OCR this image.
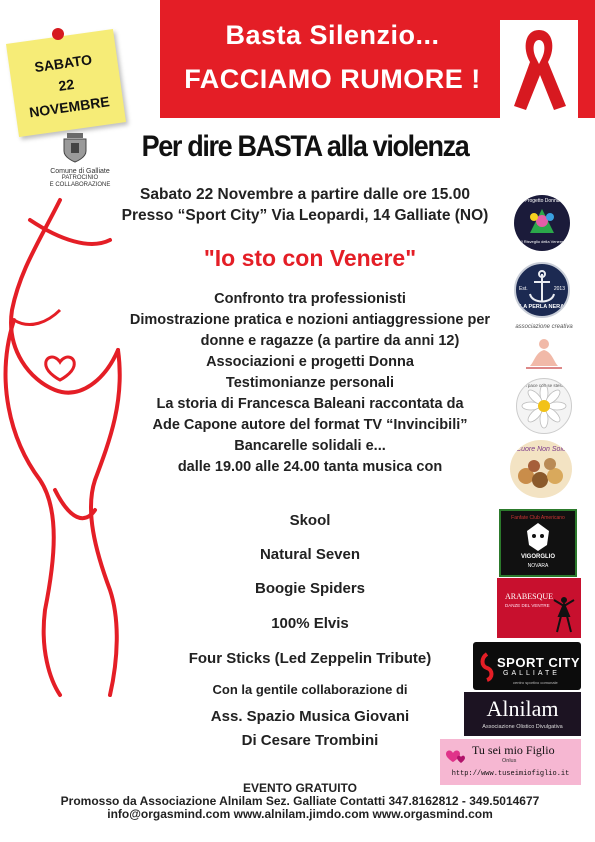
Basta Silenzio...
FACCIAMO RUMORE !
SABATO
22
NOVEMBRE
Comune di Galliate
PATROCINIO
E COLLABORAZIONE
Per dire BASTA alla violenza
Sabato 22 Novembre a partire dalle ore 15.00
Presso “Sport City” Via Leopardi, 14 Galliate (NO)
"Io sto con Venere"
Confronto tra professionisti
Dimostrazione pratica e nozioni antiaggressione per
donne e ragazze (a partire da anni 12)
Associazioni e progetti Donna
Testimonianze personali
La storia di Francesca Baleani raccontata da
Ade Capone autore del format TV “Invincibili”
Bancarelle solidali e...
dalle 19.00 alle 24.00 tanta musica con
Skool
Natural Seven
Boogie Spiders
100% Elvis
Four Sticks (Led Zeppelin Tribute)
Con la gentile collaborazione di
Ass. Spazio Musica Giovani
Di Cesare Trombini
EVENTO GRATUITO
Promosso da Associazione Alnilam Sez. Galliate Contatti 347.8162812 - 349.5014677
info@orgasmind.com www.alnilam.jimdo.com www.orgasmind.com
Progetto Donna
Il Risveglio della Venere
Est.	2013
LA PERLA NERA
associazione creativa
in pace con se stessi
Cuore Non Solo
Fanfate Club Americano
VIGORGLIO
NOVARA
ARABESQUE
DANZE DEL VENTRE
SPORT CITY
GALLIATE
centro sportivo comunale
Alnilam
Associazione Olistico Divulgativa
Tu sei mio Figlio
Onlus
http://www.tuseimiofiglio.it
